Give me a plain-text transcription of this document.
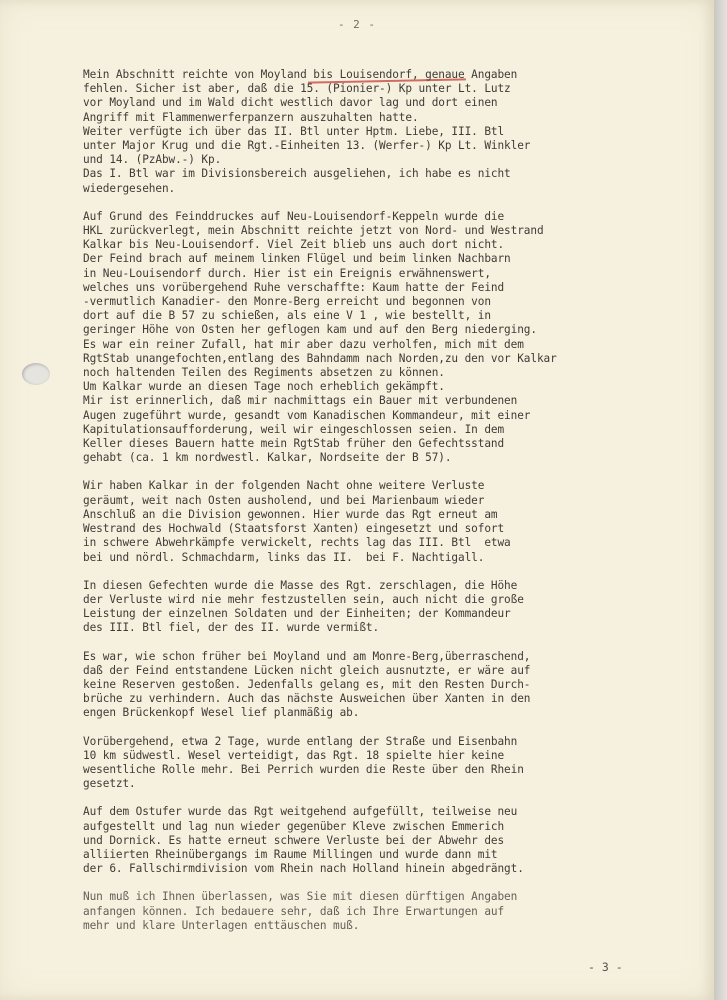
- 2 -
Mein Abschnitt reichte von Moyland bis Louisendorf, genaue Angaben
fehlen. Sicher ist aber, daß die 15. (Pionier-) Kp unter Lt. Lutz
vor Moyland und im Wald dicht westlich davor lag und dort einen
Angriff mit Flammenwerferpanzern auszuhalten hatte.
Weiter verfügte ich über das II. Btl unter Hptm. Liebe, III. Btl
unter Major Krug und die Rgt.-Einheiten 13. (Werfer-) Kp Lt. Winkler
und 14. (PzAbw.-) Kp.
Das I. Btl war im Divisionsbereich ausgeliehen, ich habe es nicht
wiedergesehen.
Auf Grund des Feinddruckes auf Neu-Louisendorf-Keppeln wurde die
HKL zurückverlegt, mein Abschnitt reichte jetzt von Nord- und Westrand
Kalkar bis Neu-Louisendorf. Viel Zeit blieb uns auch dort nicht.
Der Feind brach auf meinem linken Flügel und beim linken Nachbarn
in Neu-Louisendorf durch. Hier ist ein Ereignis erwähnenswert,
welches uns vorübergehend Ruhe verschaffte: Kaum hatte der Feind
-vermutlich Kanadier- den Monre-Berg erreicht und begonnen von
dort auf die B 57 zu schießen, als eine V 1 , wie bestellt, in
geringer Höhe von Osten her geflogen kam und auf den Berg niederging.
Es war ein reiner Zufall, hat mir aber dazu verholfen, mich mit dem
RgtStab unangefochten,entlang des Bahndamm nach Norden,zu den vor Kalkar
noch haltenden Teilen des Regiments absetzen zu können.
Um Kalkar wurde an diesen Tage noch erheblich gekämpft.
Mir ist erinnerlich, daß mir nachmittags ein Bauer mit verbundenen
Augen zugeführt wurde, gesandt vom Kanadischen Kommandeur, mit einer
Kapitulationsaufforderung, weil wir eingeschlossen seien. In dem
Keller dieses Bauern hatte mein RgtStab früher den Gefechtsstand
gehabt (ca. 1 km nordwestl. Kalkar, Nordseite der B 57).
Wir haben Kalkar in der folgenden Nacht ohne weitere Verluste
geräumt, weit nach Osten ausholend, und bei Marienbaum wieder
Anschluß an die Division gewonnen. Hier wurde das Rgt erneut am
Westrand des Hochwald (Staatsforst Xanten) eingesetzt und sofort
in schwere Abwehrkämpfe verwickelt, rechts lag das III. Btl  etwa
bei und nördl. Schmachdarm, links das II.  bei F. Nachtigall.
In diesen Gefechten wurde die Masse des Rgt. zerschlagen, die Höhe
der Verluste wird nie mehr festzustellen sein, auch nicht die große
Leistung der einzelnen Soldaten und der Einheiten; der Kommandeur
des III. Btl fiel, der des II. wurde vermißt.
Es war, wie schon früher bei Moyland und am Monre-Berg,überraschend,
daß der Feind entstandene Lücken nicht gleich ausnutzte, er wäre auf
keine Reserven gestoßen. Jedenfalls gelang es, mit den Resten Durch-
brüche zu verhindern. Auch das nächste Ausweichen über Xanten in den
engen Brückenkopf Wesel lief planmäßig ab.
Vorübergehend, etwa 2 Tage, wurde entlang der Straße und Eisenbahn
10 km südwestl. Wesel verteidigt, das Rgt. 18 spielte hier keine
wesentliche Rolle mehr. Bei Perrich wurden die Reste über den Rhein
gesetzt.
Auf dem Ostufer wurde das Rgt weitgehend aufgefüllt, teilweise neu
aufgestellt und lag nun wieder gegenüber Kleve zwischen Emmerich
und Dornick. Es hatte erneut schwere Verluste bei der Abwehr des
alliierten Rheinübergangs im Raume Millingen und wurde dann mit
der 6. Fallschirmdivision vom Rhein nach Holland hinein abgedrängt.
Nun muß ich Ihnen überlassen, was Sie mit diesen dürftigen Angaben
anfangen können. Ich bedauere sehr, daß ich Ihre Erwartungen auf
mehr und klare Unterlagen enttäuschen muß.
- 3 -
